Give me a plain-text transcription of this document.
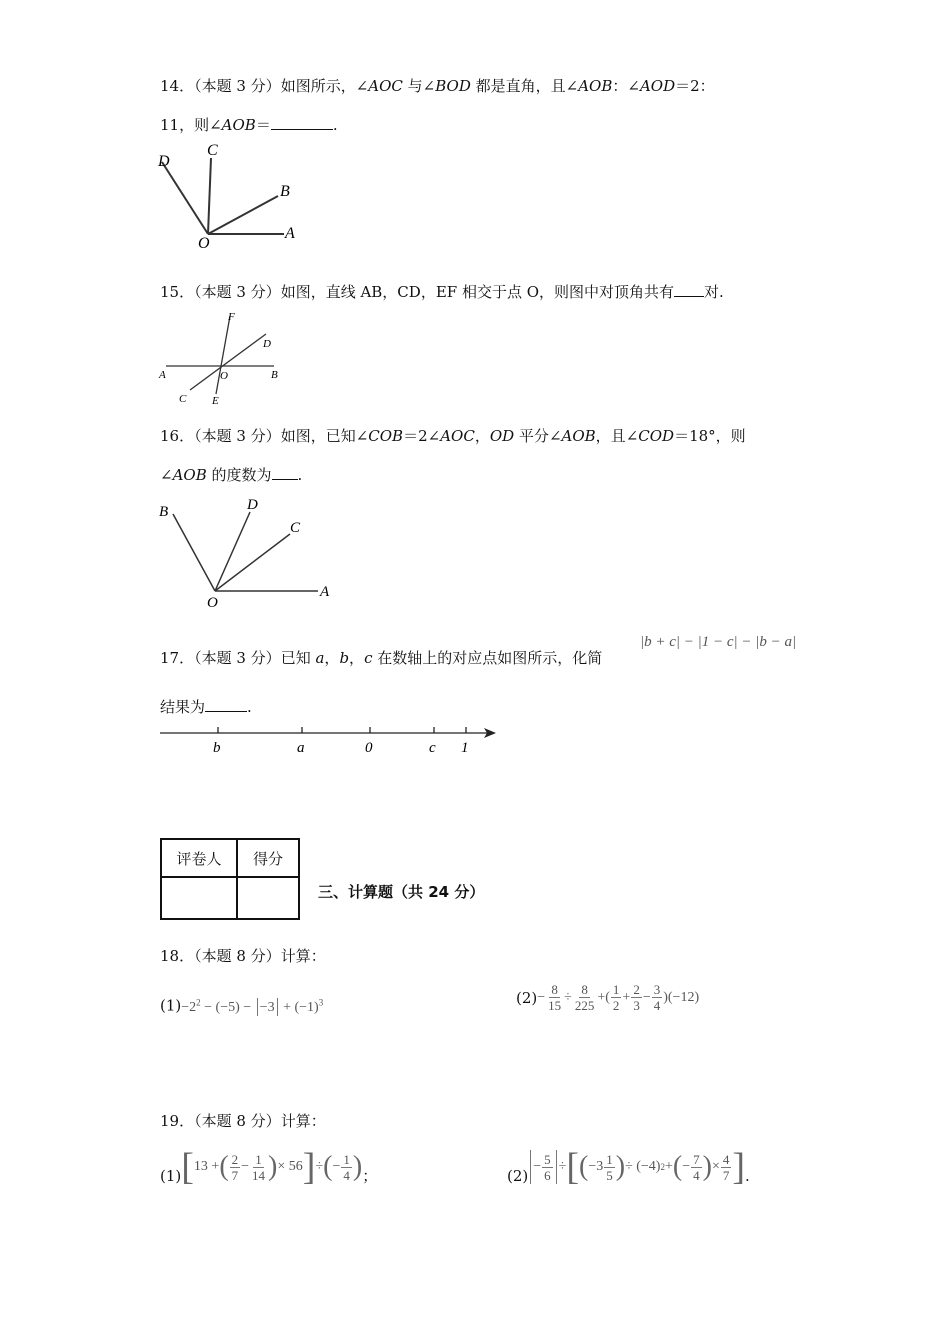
14．（本题 3 分）如图所示，∠AOC 与∠BOD 都是直角，且∠AOB：∠AOD＝2：
11，则∠AOB＝	.
D
C
B
O
A
15．（本题 3 分）如图，直线 AB，CD，EF 相交于点 O，则图中对顶角共有 对.
F
D
A	O	B
C E
16．（本题 3 分）如图，已知∠COB＝2∠AOC，OD 平分∠AOB，且∠COD＝18°，则
∠AOB 的度数为 .
B	D
C
O
A
17．（本题 3 分）已知 a，b，c 在数轴上的对应点如图所示，化简
|b + c| − |1 − c| − |b − a|
结果为	.
b	a	0	c 1
评卷人	得分

三、计算题（共 24 分）
18．（本题 8 分）计算：
$(1)-2^2 - (-5) - -3 + (-1)^3$	$(2) - \frac{8}{15} \div \frac{8}{225}$ +( $\frac{1}{2} + \frac{2}{3} - \frac{3}{4} )(-12)$
19．（本题 8 分）计算：
(1) [ 13 + ( $\frac{2}{7} - \frac{1}{14}$ ) × 56 ] ÷ ( − $\frac{1}{4}$ ) ；	(2)
− $\frac{5}{6}$ ÷ [ ( $-3 \frac{1}{5}$ ) ÷ (−4) 2 + ( − $\frac{7}{4}$ ) × $\frac{4}{7}$ ] .
